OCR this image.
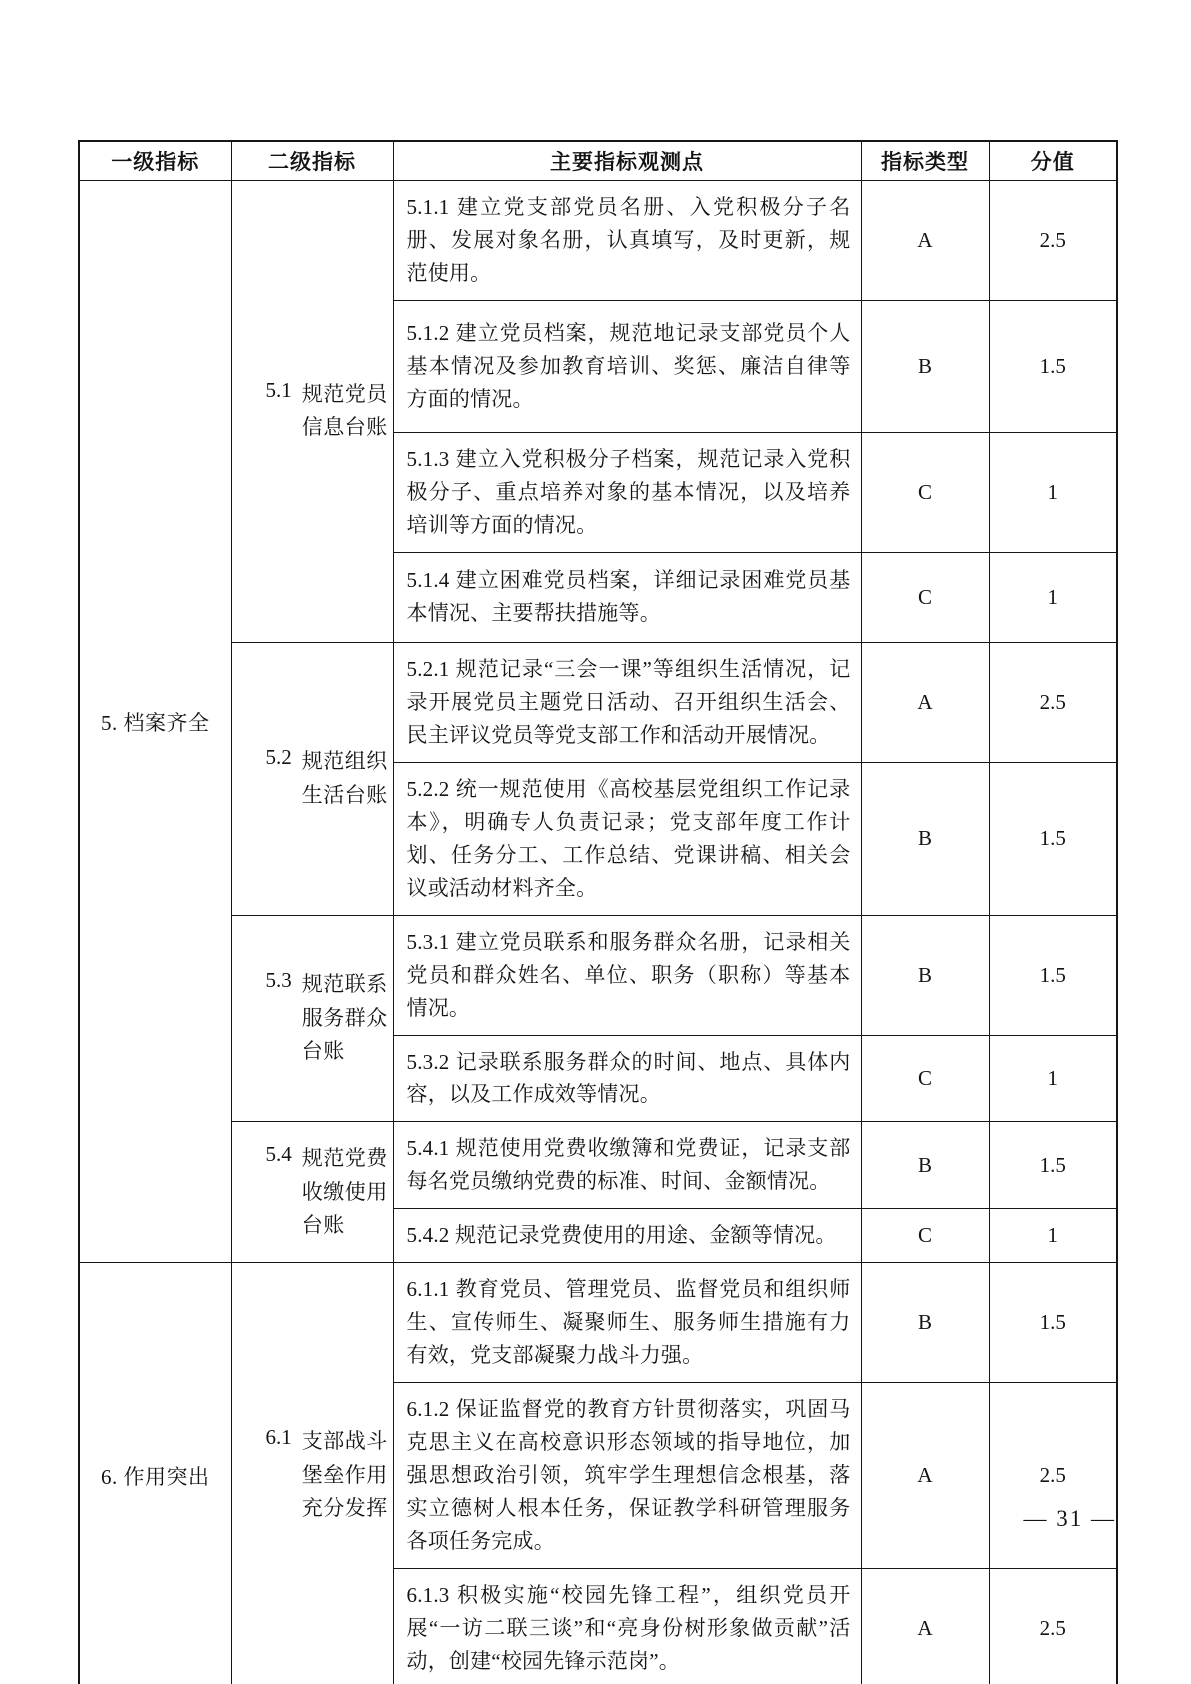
一级指标	二级指标	主要指标观测点	指标类型	分值
5. 档案齐全	5.1 规范党员信息台账	5.1.1 建立党支部党员名册、入党积极分子名册、发展对象名册，认真填写，及时更新，规范使用。	A	2.5
		5.1.2 建立党员档案，规范地记录支部党员个人基本情况及参加教育培训、奖惩、廉洁自律等方面的情况。	B	1.5
		5.1.3 建立入党积极分子档案，规范记录入党积极分子、重点培养对象的基本情况，以及培养培训等方面的情况。	C	1
		5.1.4 建立困难党员档案，详细记录困难党员基本情况、主要帮扶措施等。	C	1

	5.2 规范组织生活台账	5.2.1 规范记录“三会一课”等组织生活情况，记录开展党员主题党日活动、召开组织生活会、民主评议党员等党支部工作和活动开展情况。	A	2.5
		5.2.2 统一规范使用《高校基层党组织工作记录本》，明确专人负责记录；党支部年度工作计划、任务分工、工作总结、党课讲稿、相关会议或活动材料齐全。	B	1.5

	5.3 规范联系服务群众台账	5.3.1 建立党员联系和服务群众名册，记录相关党员和群众姓名、单位、职务（职称）等基本情况。	B	1.5
		5.3.2 记录联系服务群众的时间、地点、具体内容，以及工作成效等情况。	C	1

	5.4 规范党费收缴使用台账	5.4.1 规范使用党费收缴簿和党费证，记录支部每名党员缴纳党费的标准、时间、金额情况。	B	1.5
		5.4.2 规范记录党费使用的用途、金额等情况。	C	1
6. 作用突出	6.1 支部战斗堡垒作用充分发挥	6.1.1 教育党员、管理党员、监督党员和组织师生、宣传师生、凝聚师生、服务师生措施有力有效，党支部凝聚力战斗力强。	B	1.5
		6.1.2 保证监督党的教育方针贯彻落实，巩固马克思主义在高校意识形态领域的指导地位，加强思想政治引领，筑牢学生理想信念根基，落实立德树人根本任务，保证教学科研管理服务各项任务完成。	A	2.5
		6.1.3 积极实施“校园先锋工程”，组织党员开展“一访二联三谈”和“亮身份树形象做贡献”活动，创建“校园先锋示范岗”。	A	2.5
— 31 —
